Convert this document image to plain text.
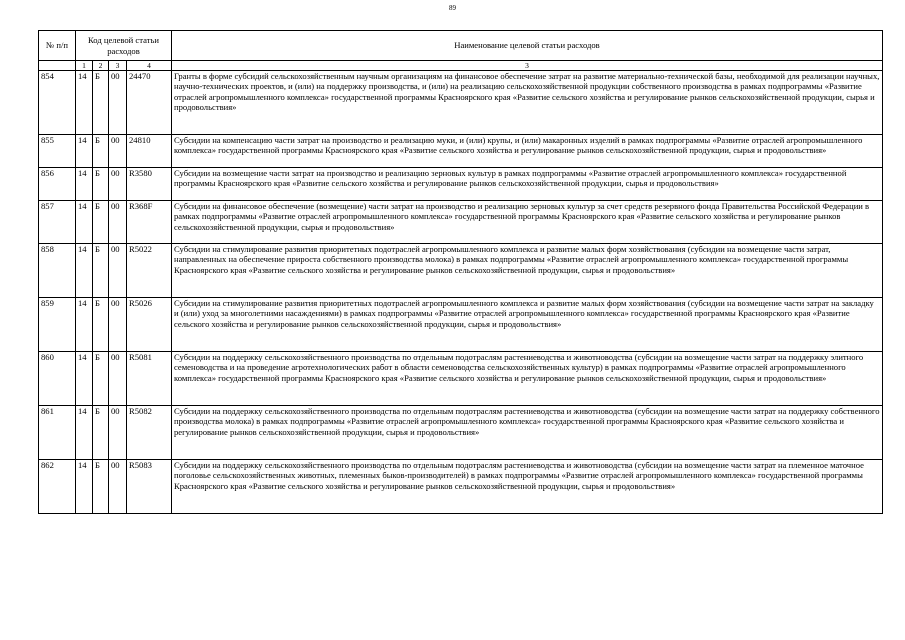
89
№ п/п	Код целевой статьи расходов				Наименование целевой статьи расходов
	1	2	3	4	3
854	14	Б	00	24470	Гранты в форме субсидий сельскохозяйственным научным организациям на финансовое обеспечение затрат на развитие материально-технической базы, необходимой для реализации научных, научно-технических проектов, и (или) на поддержку производства, и (или) на реализацию сельскохозяйственной продукции собственного производства в рамках подпрограммы «Развитие отраслей агропромышленного комплекса» государственной программы Красноярского края «Развитие сельского хозяйства и регулирование рынков сельскохозяйственной продукции, сырья и продовольствия»
855	14	Б	00	24810	Субсидии на компенсацию части затрат на производство и реализацию муки, и (или) крупы, и (или) макаронных изделий в рамках подпрограммы «Развитие отраслей агропромышленного комплекса» государственной программы Красноярского края «Развитие сельского хозяйства и регулирование рынков сельскохозяйственной продукции, сырья и продовольствия»
856	14	Б	00	R3580	Субсидии на возмещение части затрат на производство и реализацию зерновых культур в рамках подпрограммы «Развитие отраслей агропромышленного комплекса» государственной программы Красноярского края «Развитие сельского хозяйства и регулирование рынков сельскохозяйственной продукции, сырья и продовольствия»
857	14	Б	00	R368F	Субсидии на финансовое обеспечение (возмещение) части затрат на производство и реализацию зерновых культур за счет средств резервного фонда Правительства Российской Федерации в рамках подпрограммы «Развитие отраслей агропромышленного комплекса» государственной программы Красноярского края «Развитие сельского хозяйства и регулирование рынков сельскохозяйственной продукции, сырья и продовольствия»
858	14	Б	00	R5022	Субсидии на стимулирование развития приоритетных подотраслей агропромышленного комплекса и развитие малых форм хозяйствования (субсидии на возмещение части затрат, направленных на обеспечение прироста собственного производства молока) в рамках подпрограммы «Развитие отраслей агропромышленного комплекса» государственной программы Красноярского края «Развитие сельского хозяйства и регулирование рынков сельскохозяйственной продукции, сырья и продовольствия»
859	14	Б	00	R5026	Субсидии на стимулирование развития приоритетных подотраслей агропромышленного комплекса и развитие малых форм хозяйствования (субсидии на возмещение части затрат на закладку и (или) уход за многолетними насаждениями) в рамках подпрограммы «Развитие отраслей агропромышленного комплекса» государственной программы Красноярского края «Развитие сельского хозяйства и регулирование рынков сельскохозяйственной продукции, сырья и продовольствия»
860	14	Б	00	R5081	Субсидии на поддержку сельскохозяйственного производства по отдельным подотраслям растениеводства и животноводства (субсидии на возмещение части затрат на поддержку элитного семеноводства и на проведение агротехнологических работ в области семеноводства сельскохозяйственных культур) в рамках подпрограммы «Развитие отраслей агропромышленного комплекса» государственной программы Красноярского края «Развитие сельского хозяйства и регулирование рынков сельскохозяйственной продукции, сырья и продовольствия»
861	14	Б	00	R5082	Субсидии на поддержку сельскохозяйственного производства по отдельным подотраслям растениеводства и животноводства (субсидии на возмещение части затрат на поддержку собственного производства молока) в рамках подпрограммы «Развитие отраслей агропромышленного комплекса» государственной программы Красноярского края «Развитие сельского хозяйства и регулирование рынков сельскохозяйственной продукции, сырья и продовольствия»
862	14	Б	00	R5083	Субсидии на поддержку сельскохозяйственного производства по отдельным подотраслям растениеводства и животноводства (субсидии на возмещение части затрат на племенное маточное поголовье сельскохозяйственных животных, племенных быков-производителей) в рамках подпрограммы «Развитие отраслей агропромышленного комплекса» государственной программы Красноярского края «Развитие сельского хозяйства и регулирование рынков сельскохозяйственной продукции, сырья и продовольствия»
